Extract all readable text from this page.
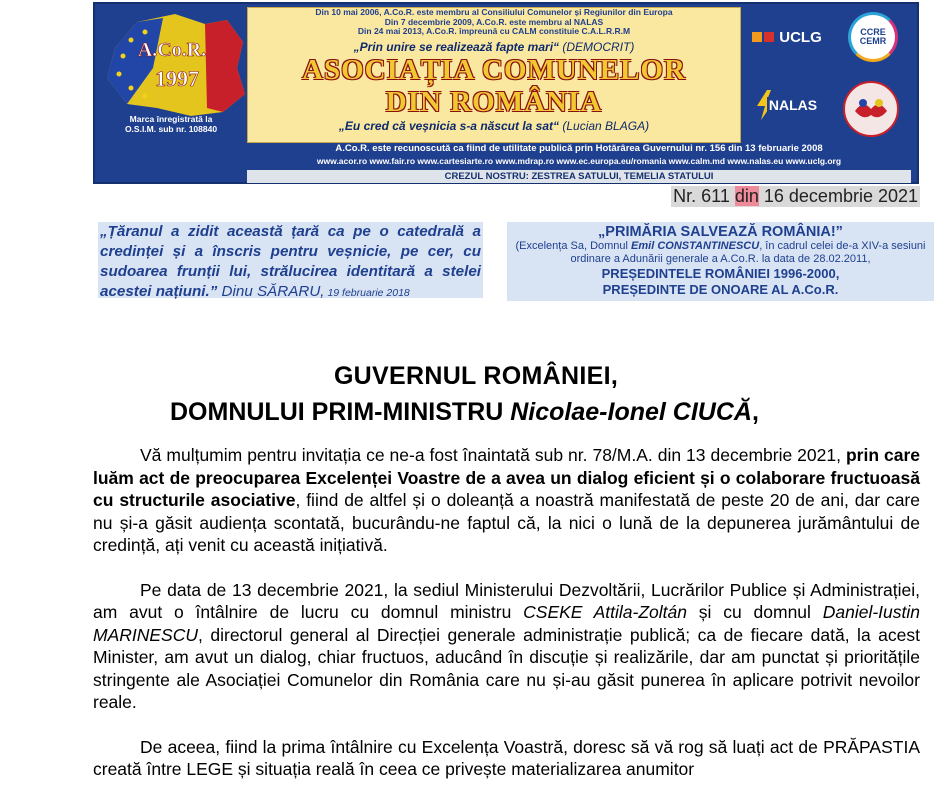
A.Co.R.
1997
Marca înregistrată la
O.S.I.M. sub nr. 108840
Din 10 mai 2006, A.Co.R. este membru al Consiliului Comunelor și Regiunilor din Europa
Din 7 decembrie 2009, A.Co.R. este membru al NALAS
Din 24 mai 2013, A.Co.R. împreună cu CALM constituie C.A.L.R.R.M
„Prin unire se realizează fapte mari“ (DEMOCRIT)
ASOCIAȚIA COMUNELOR
DIN ROMÂNIA
„Eu cred că veșnicia s-a născut la sat“ (Lucian BLAGA)
UCLG	CCRE
CEMR
NALAS
A.Co.R. este recunoscută ca fiind de utilitate publică prin Hotărârea Guvernului nr. 156 din 13 februarie 2008
www.acor.ro www.fair.ro www.cartesiarte.ro www.mdrap.ro www.ec.europa.eu/romania www.calm.md www.nalas.eu www.uclg.org
CREZUL NOSTRU: ZESTREA SATULUI, TEMELIA STATULUI
Nr. 611 din 16 decembrie 2021

„Țăranul a zidit această țară ca pe o catedrală a credinței și a înscris pentru veșnicie, pe cer, cu sudoarea frunții lui, strălucirea identitară a stelei acestei națiuni.” Dinu SĂRARU, 19 februarie 2018

„PRIMĂRIA SALVEAZĂ ROMÂNIA!”
(Excelența Sa, Domnul Emil CONSTANTINESCU, în cadrul celei de-a XIV-a sesiuni ordinare a Adunării generale a A.Co.R. la data de 28.02.2011,
PREȘEDINTELE ROMÂNIEI 1996-2000,
PREȘEDINTE DE ONOARE AL A.Co.R.
GUVERNUL ROMÂNIEI,
DOMNULUI PRIM-MINISTRU Nicolae-Ionel CIUCĂ,

Vă mulțumim pentru invitația ce ne-a fost înaintată sub nr. 78/M.A. din 13 decembrie 2021, prin care luăm act de preocuparea Excelenței Voastre de a avea un dialog eficient și o colaborare fructuoasă cu structurile asociative, fiind de altfel și o doleanță a noastră manifestată de peste 20 de ani, dar care nu și-a găsit audiența scontată, bucurându-ne faptul că, la nici o lună de la depunerea jurământului de credință, ați venit cu această inițiativă.

Pe data de 13 decembrie 2021, la sediul Ministerului Dezvoltării, Lucrărilor Publice și Administrației, am avut o întâlnire de lucru cu domnul ministru CSEKE Attila-Zoltán și cu domnul Daniel-Iustin MARINESCU, directorul general al Direcției generale administrație publică; ca de fiecare dată, la acest Minister, am avut un dialog, chiar fructuos, aducând în discuție și realizările, dar am punctat și prioritățile stringente ale Asociației Comunelor din România care nu și-au găsit punerea în aplicare potrivit nevoilor reale.

De aceea, fiind la prima întâlnire cu Excelența Voastră, doresc să vă rog să luați act de PRĂPASTIA creată între LEGE și situația reală în ceea ce privește materializarea anumitor
